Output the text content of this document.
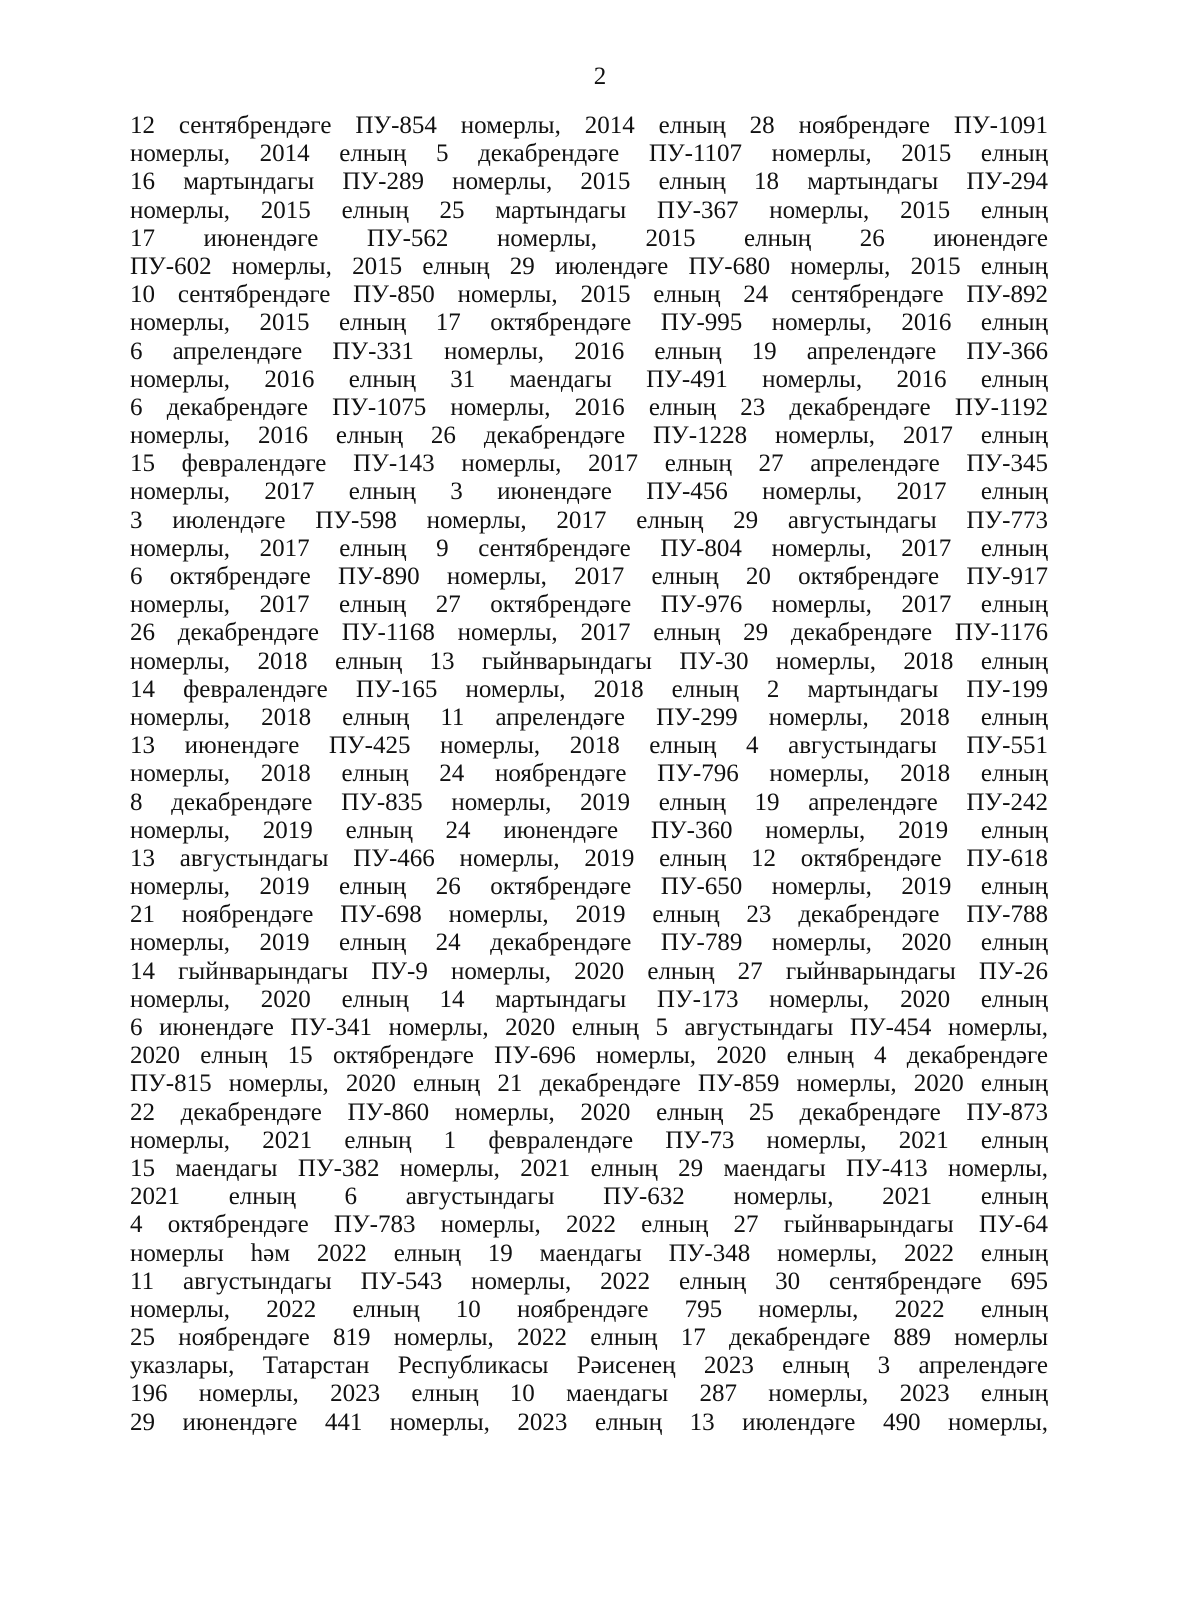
2
12 сентябрендәге ПУ-854 номерлы, 2014 елның 28 ноябрендәге ПУ-1091
номерлы, 2014 елның 5 декабрендәге ПУ-1107 номерлы, 2015 елның
16 мартындагы ПУ-289 номерлы, 2015 елның 18 мартындагы ПУ-294
номерлы, 2015 елның 25 мартындагы ПУ-367 номерлы, 2015 елның
17 июнендәге ПУ-562 номерлы, 2015 елның 26 июнендәге
ПУ-602 номерлы, 2015 елның 29 июлендәге ПУ-680 номерлы, 2015 елның
10 сентябрендәге ПУ-850 номерлы, 2015 елның 24 сентябрендәге ПУ-892
номерлы, 2015 елның 17 октябрендәге ПУ-995 номерлы, 2016 елның
6 апрелендәге ПУ-331 номерлы, 2016 елның 19 апрелендәге ПУ-366
номерлы, 2016 елның 31 маендагы ПУ-491 номерлы, 2016 елның
6 декабрендәге ПУ-1075 номерлы, 2016 елның 23 декабрендәге ПУ-1192
номерлы, 2016 елның 26 декабрендәге ПУ-1228 номерлы, 2017 елның
15 февралендәге ПУ-143 номерлы, 2017 елның 27 апрелендәге ПУ-345
номерлы, 2017 елның 3 июнендәге ПУ-456 номерлы, 2017 елның
3 июлендәге ПУ-598 номерлы, 2017 елның 29 августындагы ПУ-773
номерлы, 2017 елның 9 сентябрендәге ПУ-804 номерлы, 2017 елның
6 октябрендәге ПУ-890 номерлы, 2017 елның 20 октябрендәге ПУ-917
номерлы, 2017 елның 27 октябрендәге ПУ-976 номерлы, 2017 елның
26 декабрендәге ПУ-1168 номерлы, 2017 елның 29 декабрендәге ПУ-1176
номерлы, 2018 елның 13 гыйнварындагы ПУ-30 номерлы, 2018 елның
14 февралендәге ПУ-165 номерлы, 2018 елның 2 мартындагы ПУ-199
номерлы, 2018 елның 11 апрелендәге ПУ-299 номерлы, 2018 елның
13 июнендәге ПУ-425 номерлы, 2018 елның 4 августындагы ПУ-551
номерлы, 2018 елның 24 ноябрендәге ПУ-796 номерлы, 2018 елның
8 декабрендәге ПУ-835 номерлы, 2019 елның 19 апрелендәге ПУ-242
номерлы, 2019 елның 24 июнендәге ПУ-360 номерлы, 2019 елның
13 августындагы ПУ-466 номерлы, 2019 елның 12 октябрендәге ПУ-618
номерлы, 2019 елның 26 октябрендәге ПУ-650 номерлы, 2019 елның
21 ноябрендәге ПУ-698 номерлы, 2019 елның 23 декабрендәге ПУ-788
номерлы, 2019 елның 24 декабрендәге ПУ-789 номерлы, 2020 елның
14 гыйнварындагы ПУ-9 номерлы, 2020 елның 27 гыйнварындагы ПУ-26
номерлы, 2020 елның 14 мартындагы ПУ-173 номерлы, 2020 елның
6 июнендәге ПУ-341 номерлы, 2020 елның 5 августындагы ПУ-454 номерлы,
2020 елның 15 октябрендәге ПУ-696 номерлы, 2020 елның 4 декабрендәге
ПУ-815 номерлы, 2020 елның 21 декабрендәге ПУ-859 номерлы, 2020 елның
22 декабрендәге ПУ-860 номерлы, 2020 елның 25 декабрендәге ПУ-873
номерлы, 2021 елның 1 февралендәге ПУ-73 номерлы, 2021 елның
15 маендагы ПУ-382 номерлы, 2021 елның 29 маендагы ПУ-413 номерлы,
2021 елның 6 августындагы ПУ-632 номерлы, 2021 елның
4 октябрендәге ПУ-783 номерлы, 2022 елның 27 гыйнварындагы ПУ-64
номерлы һәм 2022 елның 19 маендагы ПУ-348 номерлы, 2022 елның
11 августындагы ПУ-543 номерлы, 2022 елның 30 сентябрендәге 695
номерлы, 2022 елның 10 ноябрендәге 795 номерлы, 2022 елның
25 ноябрендәге 819 номерлы, 2022 елның 17 декабрендәге 889 номерлы
указлары, Татарстан Республикасы Рәисенең 2023 елның 3 апрелендәге
196 номерлы, 2023 елның 10 маендагы 287 номерлы, 2023 елның
29 июнендәге 441 номерлы, 2023 елның 13 июлендәге 490 номерлы,
